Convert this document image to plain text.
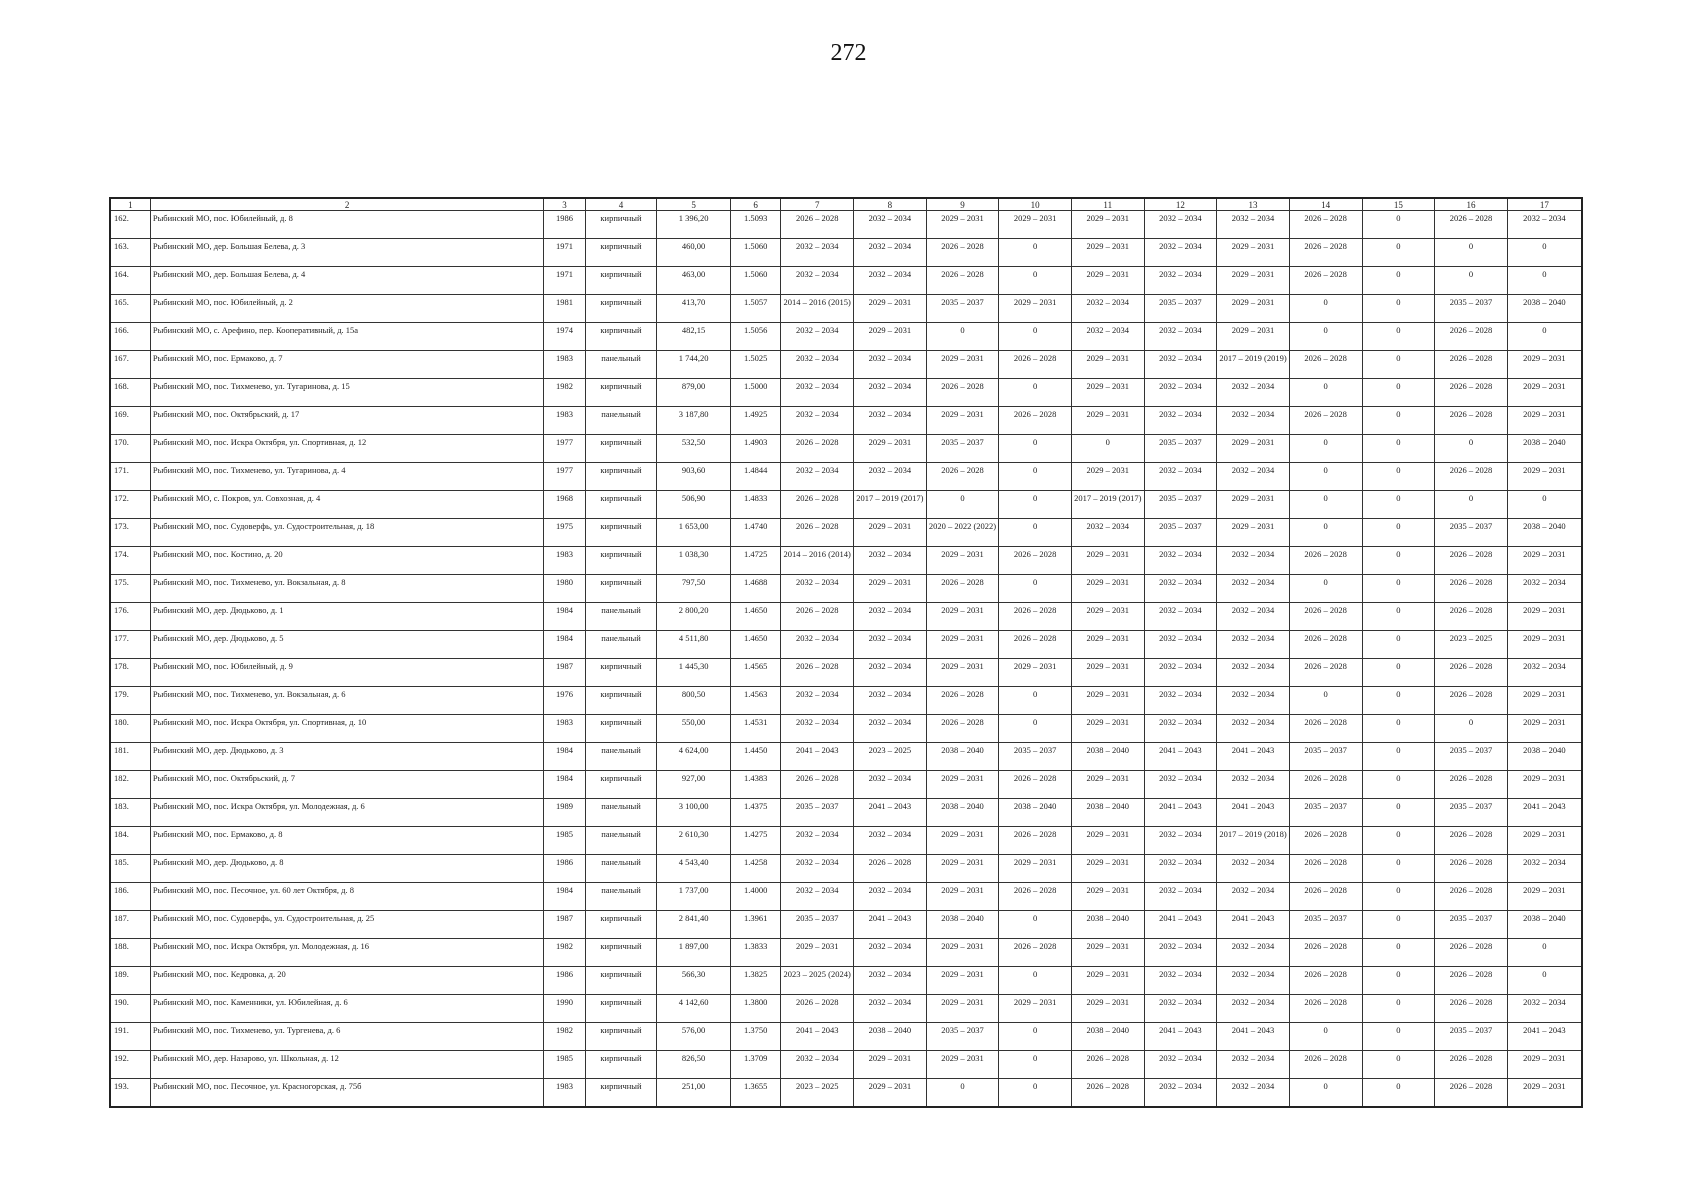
272
1	2	3	4	5	6	7	8	9	10	11	12	13	14	15	16	17
162.	Рыбинский МО, пос. Юбилейный, д. 8	1986	кирпичный	1 396,20	1.5093	2026 – 2028	2032 – 2034	2029 – 2031	2029 – 2031	2029 – 2031	2032 – 2034	2032 – 2034	2026 – 2028	0	2026 – 2028	2032 – 2034
163.	Рыбинский МО, дер. Большая Белева, д. 3	1971	кирпичный	460,00	1.5060	2032 – 2034	2032 – 2034	2026 – 2028	0	2029 – 2031	2032 – 2034	2029 – 2031	2026 – 2028	0	0	0
164.	Рыбинский МО, дер. Большая Белева, д. 4	1971	кирпичный	463,00	1.5060	2032 – 2034	2032 – 2034	2026 – 2028	0	2029 – 2031	2032 – 2034	2029 – 2031	2026 – 2028	0	0	0
165.	Рыбинский МО, пос. Юбилейный, д. 2	1981	кирпичный	413,70	1.5057	2014 – 2016 (2015)	2029 – 2031	2035 – 2037	2029 – 2031	2032 – 2034	2035 – 2037	2029 – 2031	0	0	2035 – 2037	2038 – 2040
166.	Рыбинский МО, с. Арефино, пер. Кооперативный, д. 15а	1974	кирпичный	482,15	1.5056	2032 – 2034	2029 – 2031	0	0	2032 – 2034	2032 – 2034	2029 – 2031	0	0	2026 – 2028	0
167.	Рыбинский МО, пос. Ермаково, д. 7	1983	панельный	1 744,20	1.5025	2032 – 2034	2032 – 2034	2029 – 2031	2026 – 2028	2029 – 2031	2032 – 2034	2017 – 2019 (2019)	2026 – 2028	0	2026 – 2028	2029 – 2031
168.	Рыбинский МО, пос. Тихменево, ул. Тугаринова, д. 15	1982	кирпичный	879,00	1.5000	2032 – 2034	2032 – 2034	2026 – 2028	0	2029 – 2031	2032 – 2034	2032 – 2034	0	0	2026 – 2028	2029 – 2031
169.	Рыбинский МО, пос. Октябрьский, д. 17	1983	панельный	3 187,80	1.4925	2032 – 2034	2032 – 2034	2029 – 2031	2026 – 2028	2029 – 2031	2032 – 2034	2032 – 2034	2026 – 2028	0	2026 – 2028	2029 – 2031
170.	Рыбинский МО, пос. Искра Октября, ул. Спортивная, д. 12	1977	кирпичный	532,50	1.4903	2026 – 2028	2029 – 2031	2035 – 2037	0	0	2035 – 2037	2029 – 2031	0	0	0	2038 – 2040
171.	Рыбинский МО, пос. Тихменево, ул. Тугаринова, д. 4	1977	кирпичный	903,60	1.4844	2032 – 2034	2032 – 2034	2026 – 2028	0	2029 – 2031	2032 – 2034	2032 – 2034	0	0	2026 – 2028	2029 – 2031
172.	Рыбинский МО, с. Покров, ул. Совхозная, д. 4	1968	кирпичный	506,90	1.4833	2026 – 2028	2017 – 2019 (2017)	0	0	2017 – 2019 (2017)	2035 – 2037	2029 – 2031	0	0	0	0
173.	Рыбинский МО, пос. Судоверфь, ул. Судостроительная, д. 18	1975	кирпичный	1 653,00	1.4740	2026 – 2028	2029 – 2031	2020 – 2022 (2022)	0	2032 – 2034	2035 – 2037	2029 – 2031	0	0	2035 – 2037	2038 – 2040
174.	Рыбинский МО, пос. Костино, д. 20	1983	кирпичный	1 038,30	1.4725	2014 – 2016 (2014)	2032 – 2034	2029 – 2031	2026 – 2028	2029 – 2031	2032 – 2034	2032 – 2034	2026 – 2028	0	2026 – 2028	2029 – 2031
175.	Рыбинский МО, пос. Тихменево, ул. Вокзальная, д. 8	1980	кирпичный	797,50	1.4688	2032 – 2034	2029 – 2031	2026 – 2028	0	2029 – 2031	2032 – 2034	2032 – 2034	0	0	2026 – 2028	2032 – 2034
176.	Рыбинский МО, дер. Дюдьково, д. 1	1984	панельный	2 800,20	1.4650	2026 – 2028	2032 – 2034	2029 – 2031	2026 – 2028	2029 – 2031	2032 – 2034	2032 – 2034	2026 – 2028	0	2026 – 2028	2029 – 2031
177.	Рыбинский МО, дер. Дюдьково, д. 5	1984	панельный	4 511,80	1.4650	2032 – 2034	2032 – 2034	2029 – 2031	2026 – 2028	2029 – 2031	2032 – 2034	2032 – 2034	2026 – 2028	0	2023 – 2025	2029 – 2031
178.	Рыбинский МО, пос. Юбилейный, д. 9	1987	кирпичный	1 445,30	1.4565	2026 – 2028	2032 – 2034	2029 – 2031	2029 – 2031	2029 – 2031	2032 – 2034	2032 – 2034	2026 – 2028	0	2026 – 2028	2032 – 2034
179.	Рыбинский МО, пос. Тихменево, ул. Вокзальная, д. 6	1976	кирпичный	800,50	1.4563	2032 – 2034	2032 – 2034	2026 – 2028	0	2029 – 2031	2032 – 2034	2032 – 2034	0	0	2026 – 2028	2029 – 2031
180.	Рыбинский МО, пос. Искра Октября, ул. Спортивная, д. 10	1983	кирпичный	550,00	1.4531	2032 – 2034	2032 – 2034	2026 – 2028	0	2029 – 2031	2032 – 2034	2032 – 2034	2026 – 2028	0	0	2029 – 2031
181.	Рыбинский МО, дер. Дюдьково, д. 3	1984	панельный	4 624,00	1.4450	2041 – 2043	2023 – 2025	2038 – 2040	2035 – 2037	2038 – 2040	2041 – 2043	2041 – 2043	2035 – 2037	0	2035 – 2037	2038 – 2040
182.	Рыбинский МО, пос. Октябрьский, д. 7	1984	кирпичный	927,00	1.4383	2026 – 2028	2032 – 2034	2029 – 2031	2026 – 2028	2029 – 2031	2032 – 2034	2032 – 2034	2026 – 2028	0	2026 – 2028	2029 – 2031
183.	Рыбинский МО, пос. Искра Октября, ул. Молодежная, д. 6	1989	панельный	3 100,00	1.4375	2035 – 2037	2041 – 2043	2038 – 2040	2038 – 2040	2038 – 2040	2041 – 2043	2041 – 2043	2035 – 2037	0	2035 – 2037	2041 – 2043
184.	Рыбинский МО, пос. Ермаково, д. 8	1985	панельный	2 610,30	1.4275	2032 – 2034	2032 – 2034	2029 – 2031	2026 – 2028	2029 – 2031	2032 – 2034	2017 – 2019 (2018)	2026 – 2028	0	2026 – 2028	2029 – 2031
185.	Рыбинский МО, дер. Дюдьково, д. 8	1986	панельный	4 543,40	1.4258	2032 – 2034	2026 – 2028	2029 – 2031	2029 – 2031	2029 – 2031	2032 – 2034	2032 – 2034	2026 – 2028	0	2026 – 2028	2032 – 2034
186.	Рыбинский МО, пос. Песочное, ул. 60 лет Октября, д. 8	1984	панельный	1 737,00	1.4000	2032 – 2034	2032 – 2034	2029 – 2031	2026 – 2028	2029 – 2031	2032 – 2034	2032 – 2034	2026 – 2028	0	2026 – 2028	2029 – 2031
187.	Рыбинский МО, пос. Судоверфь, ул. Судостроительная, д. 25	1987	кирпичный	2 841,40	1.3961	2035 – 2037	2041 – 2043	2038 – 2040	0	2038 – 2040	2041 – 2043	2041 – 2043	2035 – 2037	0	2035 – 2037	2038 – 2040
188.	Рыбинский МО, пос. Искра Октября, ул. Молодежная, д. 16	1982	кирпичный	1 897,00	1.3833	2029 – 2031	2032 – 2034	2029 – 2031	2026 – 2028	2029 – 2031	2032 – 2034	2032 – 2034	2026 – 2028	0	2026 – 2028	0
189.	Рыбинский МО, пос. Кедровка, д. 20	1986	кирпичный	566,30	1.3825	2023 – 2025 (2024)	2032 – 2034	2029 – 2031	0	2029 – 2031	2032 – 2034	2032 – 2034	2026 – 2028	0	2026 – 2028	0
190.	Рыбинский МО, пос. Каменники, ул. Юбилейная, д. 6	1990	кирпичный	4 142,60	1.3800	2026 – 2028	2032 – 2034	2029 – 2031	2029 – 2031	2029 – 2031	2032 – 2034	2032 – 2034	2026 – 2028	0	2026 – 2028	2032 – 2034
191.	Рыбинский МО, пос. Тихменево, ул. Тургенева, д. 6	1982	кирпичный	576,00	1.3750	2041 – 2043	2038 – 2040	2035 – 2037	0	2038 – 2040	2041 – 2043	2041 – 2043	0	0	2035 – 2037	2041 – 2043
192.	Рыбинский МО, дер. Назарово, ул. Школьная, д. 12	1985	кирпичный	826,50	1.3709	2032 – 2034	2029 – 2031	2029 – 2031	0	2026 – 2028	2032 – 2034	2032 – 2034	2026 – 2028	0	2026 – 2028	2029 – 2031
193.	Рыбинский МО, пос. Песочное, ул. Красногорская, д. 75б	1983	кирпичный	251,00	1.3655	2023 – 2025	2029 – 2031	0	0	2026 – 2028	2032 – 2034	2032 – 2034	0	0	2026 – 2028	2029 – 2031
